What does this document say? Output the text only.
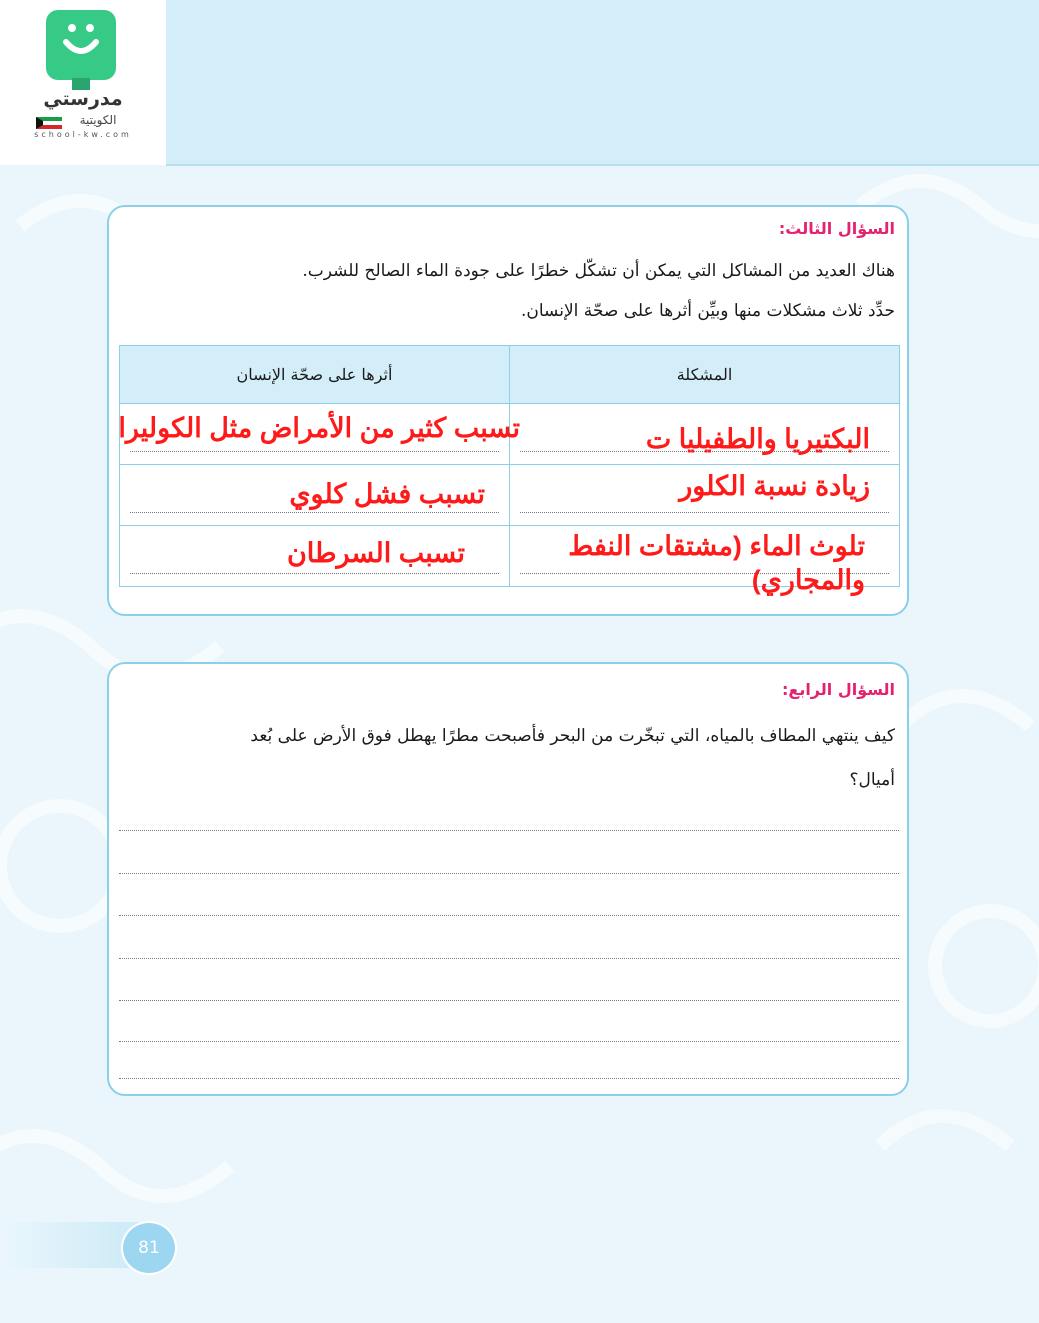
مدرستي
الكويتية
school-kw.com
السؤال الثالث:
هناك العديد من المشاكل التي يمكن أن تشكّل خطرًا على جودة الماء الصالح للشرب.
حدِّد ثلاث مشكلات منها وبيِّن أثرها على صحّة الإنسان.
أثرها على صحّة الإنسان	المشكلة

تسبب كثير من الأمراض مثل الكوليرا	البكتيريا والطفيليا ت
تسبب فشل كلوي	زيادة نسبة الكلور
تسبب السرطان	تلوث الماء (مشتقات النفط والمجاري)
السؤال الرابع:
كيف ينتهي المطاف بالمياه، التي تبخّرت من البحر فأصبحت مطرًا يهطل فوق الأرض على بُعد
أميال؟
81
